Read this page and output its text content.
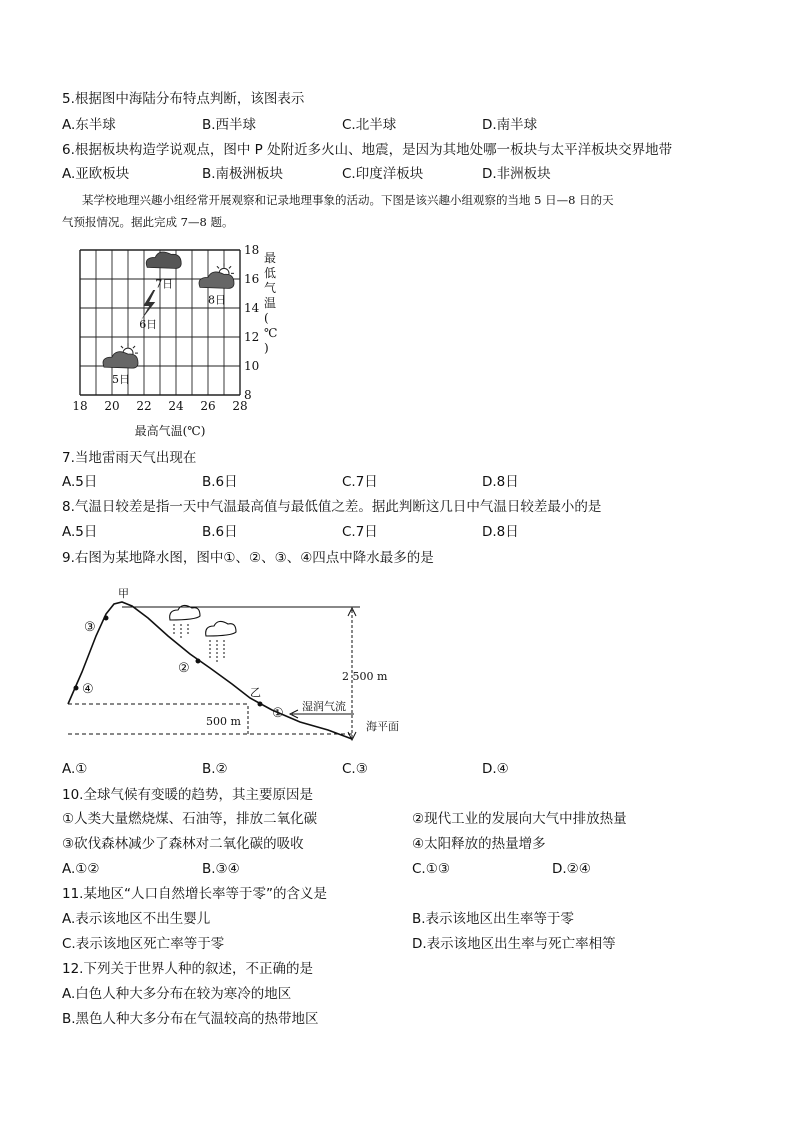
5.根据图中海陆分布特点判断，该图表示
A.东半球	B.西半球	C.北半球	D.南半球
6.根据板块构造学说观点，图中 P 处附近多火山、地震，是因为其地处哪一板块与太平洋板块交界地带
A.亚欧板块	B.南极洲板块	C.印度洋板块	D.非洲板块
某学校地理兴趣小组经常开展观察和记录地理事象的活动。下图是该兴趣小组观察的当地 5 日—8 日的天
气预报情况。据此完成 7—8 题。
18 20 22 24 26 28
18
16
14
12
10
8
5日
6日
7日
8日
最高气温(℃)
最低气温( ℃ )
7.当地雷雨天气出现在
A.5日	B.6日	C.7日	D.8日
8.气温日较差是指一天中气温最高值与最低值之差。据此判断这几日中气温日较差最小的是
A.5日	B.6日	C.7日	D.8日
9.右图为某地降水图，图中①、②、③、④四点中降水最多的是
2 500 m
500 m
甲
乙
③
④
②
① 湿润气流
海平面
A.①	B.②	C.③	D.④
10.全球气候有变暖的趋势，其主要原因是
①人类大量燃烧煤、石油等，排放二氧化碳	②现代工业的发展向大气中排放热量
③砍伐森林减少了森林对二氧化碳的吸收	④太阳释放的热量增多
A.①②	B.③④	C.①③	D.②④
11.某地区“人口自然增长率等于零”的含义是
A.表示该地区不出生婴儿	B.表示该地区出生率等于零
C.表示该地区死亡率等于零	D.表示该地区出生率与死亡率相等
12.下列关于世界人种的叙述，不正确的是
A.白色人种大多分布在较为寒冷的地区
B.黑色人种大多分布在气温较高的热带地区
